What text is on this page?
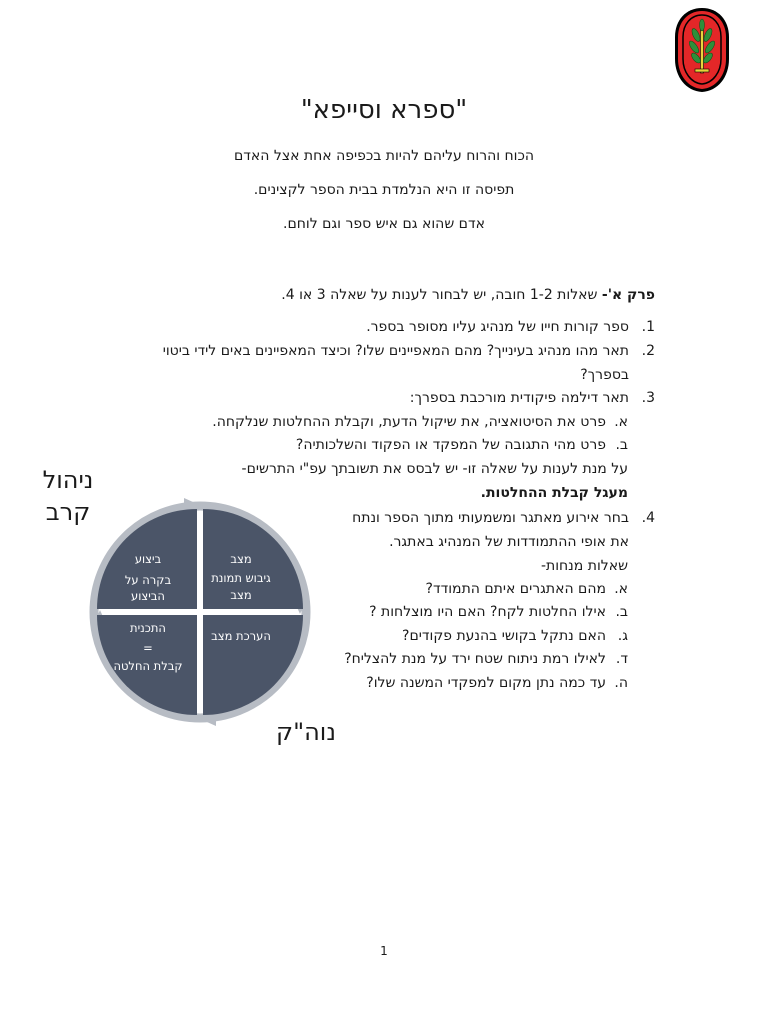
"ספרא וסייפא"
הכוח והרוח עליהם להיות בכפיפה אחת אצל האדם
תפיסה זו היא הנלמדת בבית הספר לקצינים.
אדם שהוא גם איש ספר וגם לוחם.
פרק א'- שאלות 1-2 חובה, יש לבחור לענות על שאלה 3 או 4.
1.ספר קורות חייו של מנהיג עליו מסופר בספר.
2.תאר מהו מנהיג בעינייך? מהם המאפיינים שלו? וכיצד המאפיינים באים לידי ביטוי
בספרך?
3.תאר דילמה פיקודית מורכבת בספרך:
א.פרט את הסיטואציה, את שיקול הדעת, וקבלת ההחלטות שנלקחה.
ב.פרט מהי התגובה של המפקד או הפקוד והשלכותיה?
על מנת לענות על שאלה זו- יש לבסס את תשובתך עפ"י התרשים-
מעגל קבלת ההחלטות.
4.בחר אירוע מאתגר ומשמעותי מתוך הספר ונתח
את אופי ההתמודדות של המנהיג באתגר.
שאלות מנחות-
א.מהם האתגרים איתם התמודד?
ב.אילו החלטות לקח? האם היו מוצלחות ?
ג.האם נתקל בקושי בהנעת פקודים?
ד.לאילו רמת ניתוח שטח ירד על מנת להצליח?
ה.עד כמה נתן מקום למפקדי המשנה שלו?
ניהול קרב
נוה"ק
מצב
גיבוש תמונת
מצב
ביצוע
בקרה על
הביצוע
התכנית
=
קבלת החלטה
הערכת מצב
1
